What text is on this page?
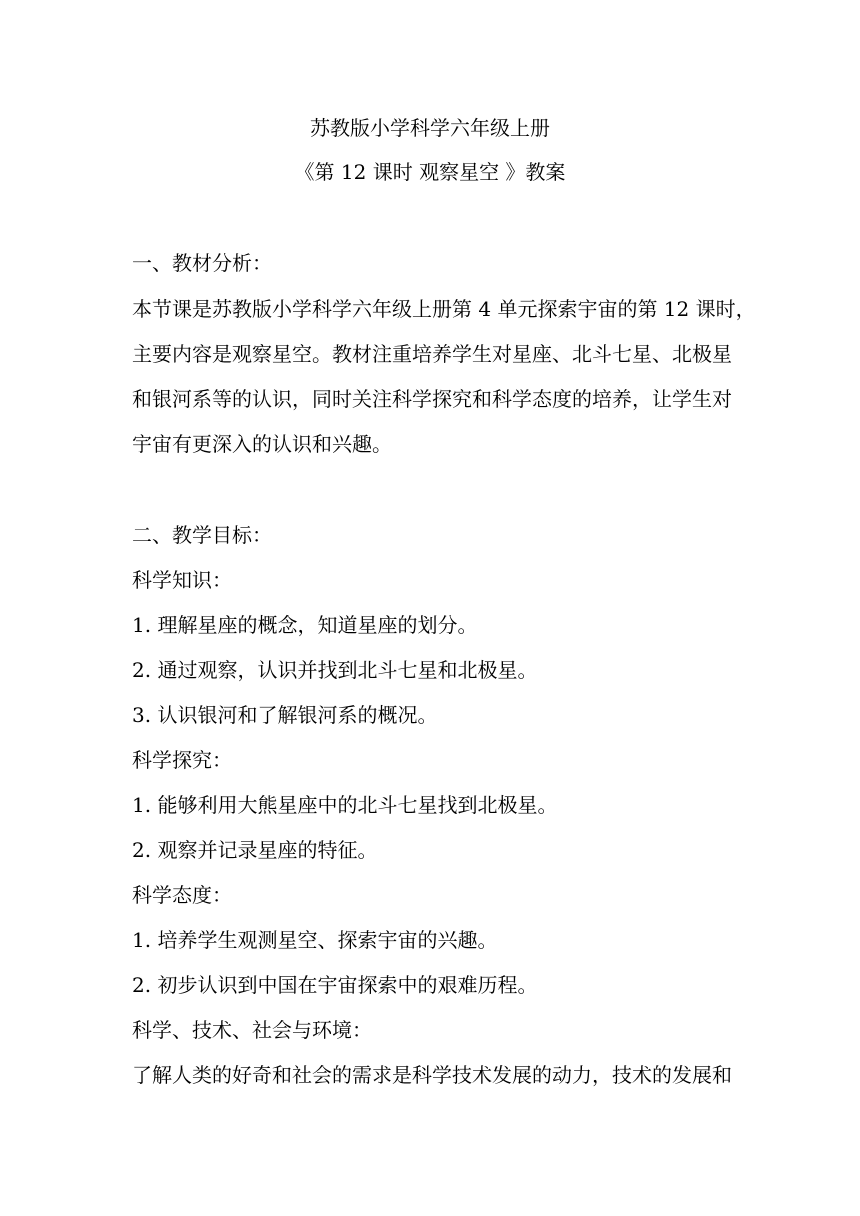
苏教版小学科学六年级上册
《第 12 课时 观察星空 》教案
一、教材分析：
本节课是苏教版小学科学六年级上册第 4 单元探索宇宙的第 12 课时，
主要内容是观察星空。教材注重培养学生对星座、北斗七星、北极星
和银河系等的认识，同时关注科学探究和科学态度的培养，让学生对
宇宙有更深入的认识和兴趣。
二、教学目标：
科学知识：
1. 理解星座的概念，知道星座的划分。
2. 通过观察，认识并找到北斗七星和北极星。
3. 认识银河和了解银河系的概况。
科学探究：
1. 能够利用大熊星座中的北斗七星找到北极星。
2. 观察并记录星座的特征。
科学态度：
1. 培养学生观测星空、探索宇宙的兴趣。
2. 初步认识到中国在宇宙探索中的艰难历程。
科学、技术、社会与环境：
了解人类的好奇和社会的需求是科学技术发展的动力，技术的发展和
